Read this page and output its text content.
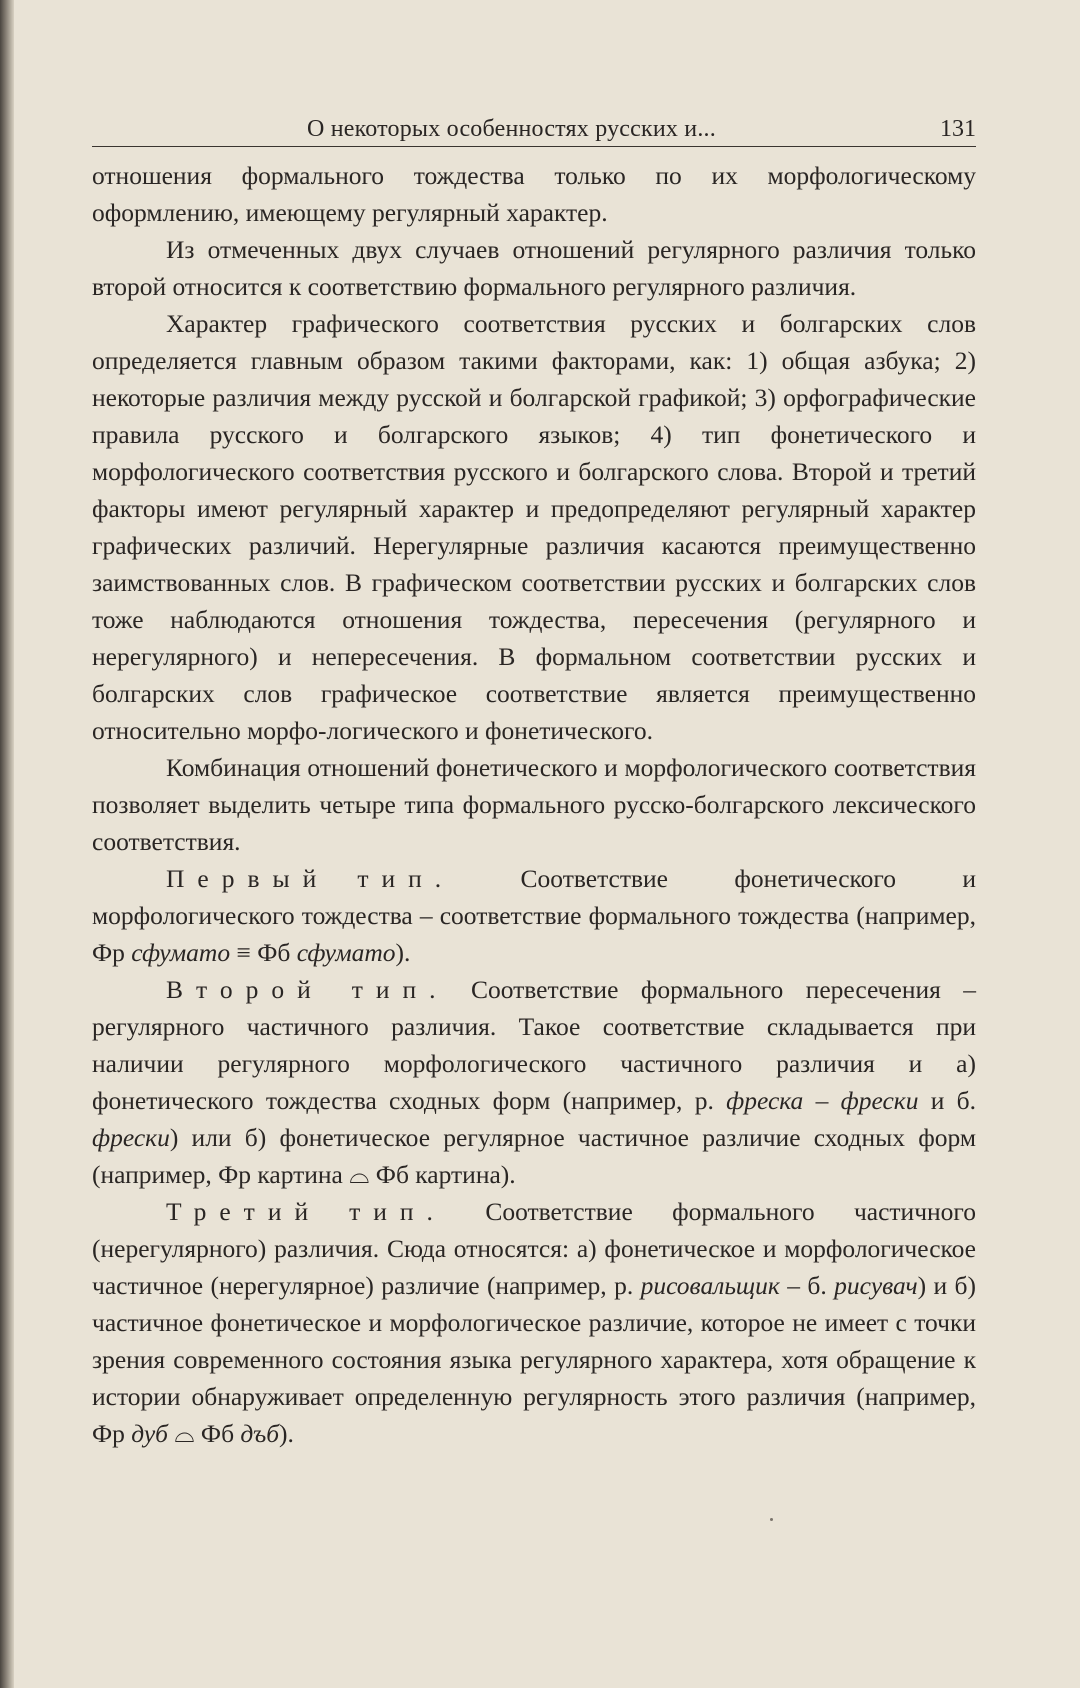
О некоторых особенностях русских и...	131

отношения формального тождества только по их морфологическому оформлению, имеющему регулярный характер.

Из отмеченных двух случаев отношений регулярного различия только второй относится к соответствию формального регулярного различия.

Характер графического соответствия русских и болгарских слов определяется главным образом такими факторами, как: 1) общая азбука; 2) некоторые различия между русской и болгарской графикой; 3) орфографические правила русского и болгарского языков; 4) тип фонетического и морфологического соответствия русского и болгарского слова. Второй и третий факторы имеют регулярный характер и предопределяют регулярный характер графических различий. Нерегулярные различия касаются преимущественно заимствованных слов. В графическом соответствии русских и болгарских слов тоже наблюдаются отношения тождества, пересечения (регулярного и нерегулярного) и непересечения. В формальном соответствии русских и болгарских слов графическое соответствие является преимущественно относительно морфо-логического и фонетического.

Комбинация отношений фонетического и морфологического соответствия позволяет выделить четыре типа формального русско-болгарского лексического соответствия.

Первый тип.	Соответствие фонетического и морфологического тождества – соответствие формального тождества (например, Фр сфумато ≡ Фб сфумато).

Второй тип. Соответствие формального пересечения – регулярного частичного различия. Такое соответствие складывается при наличии регулярного морфологического частичного различия и а) фонетического тождества сходных форм (например, р. фреска – фрески и б. фрески) или б) фонетическое регулярное частичное различие сходных форм (например, Фр картина ⌓ Фб картина).

Третий тип. Соответствие формального частичного (нерегулярного) различия. Сюда относятся: а) фонетическое и морфологическое частичное (нерегулярное) различие (например, р. рисовальщик – б. рисувач) и б) частичное фонетическое и морфологическое различие, которое не имеет с точки зрения современного состояния языка регулярного характера, хотя обращение к истории обнаруживает определенную регулярность этого различия (например, Фр дуб ⌓ Фб дъб).
